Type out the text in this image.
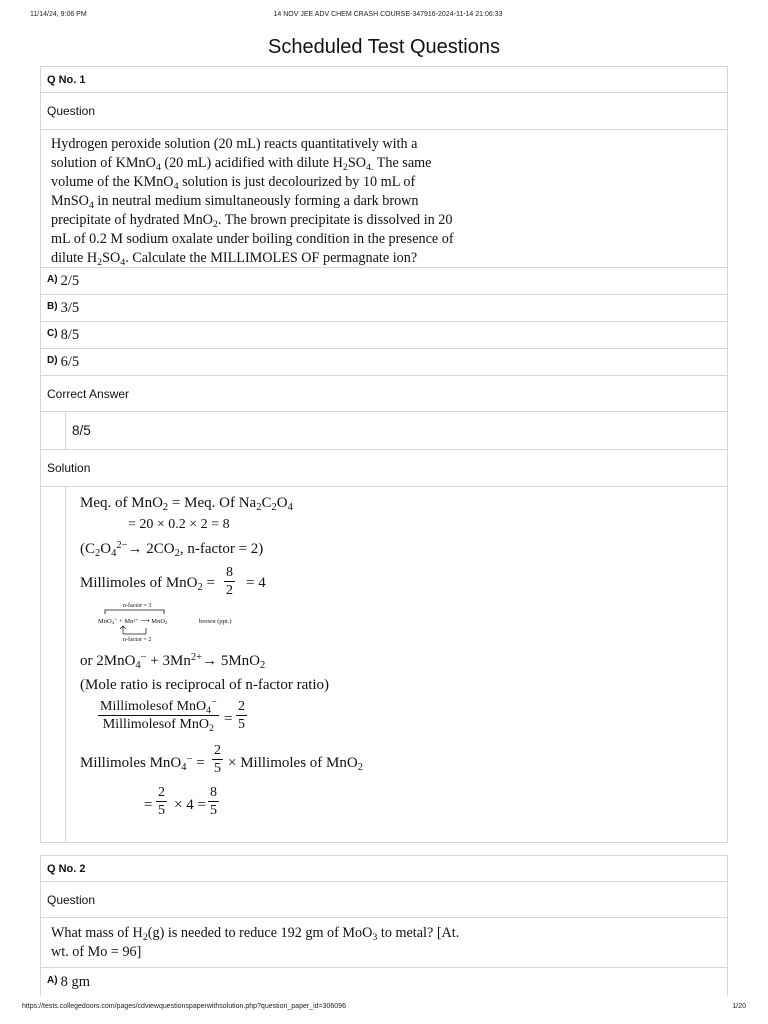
11/14/24, 9:06 PM	14 NOV JEE ADV CHEM CRASH COURSE-347916-2024-11-14 21:06:33
Scheduled Test Questions
Q No. 1
Question
Hydrogen peroxide solution (20 mL) reacts quantitatively with a
solution of KMnO$_4$ (20 mL) acidified with dilute $H_2SO_{4.}$ The same
volume of the KMnO$_4$ solution is just decolourized by 10 mL of
MnSO$_4$ in neutral medium simultaneously forming a dark brown
precipitate of hydrated MnO$_2$. The brown precipitate is dissolved in 20
mL of 0.2 M sodium oxalate under boiling condition in the presence of
dilute $H_2SO_4$. Calculate the MILLIMOLES OF permagnate ion?
A) 2/5
B) 3/5
C) 8/5
D) 6/5
Correct Answer
8/5
Solution
Meq. of MnO$_2$ = Meq. Of $Na_2C_2O_4$
= 20 × 0.2 × 2 = 8
($C_2O_4^{2-}\to 2CO_2$, n-factor = 2)
Millimoles of $MnO_2 = \frac{8}{2} = 4$
n-factor = 3
MnO4⁻ + Mn²⁺ ⟶ MnO2	brown (ppt.)
n-factor = 2
or $2MnO_4^- + 3Mn^{2+}\to 5MnO_2$
(Mole ratio is reciprocal of n-factor ratio)
Millimolesof MnO$_4$−
Millimolesof MnO$_2$
= $\frac{2}{5}$
Millimoles $MnO_4^- = \frac{2}{5}$ × Millimoles of MnO$_2$
= $\frac{2}{5} \times 4 = \frac{8}{5}$
Q No. 2
Question
What mass of $H_2(g)$ is needed to reduce 192 gm of MoO$_3$ to metal? [At.
wt. of Mo = 96]
A) 8 gm
https://tests.collegedoors.com/pages/cdviewquestionspaperwithsolution.php?question_paper_id=306096	1/20
